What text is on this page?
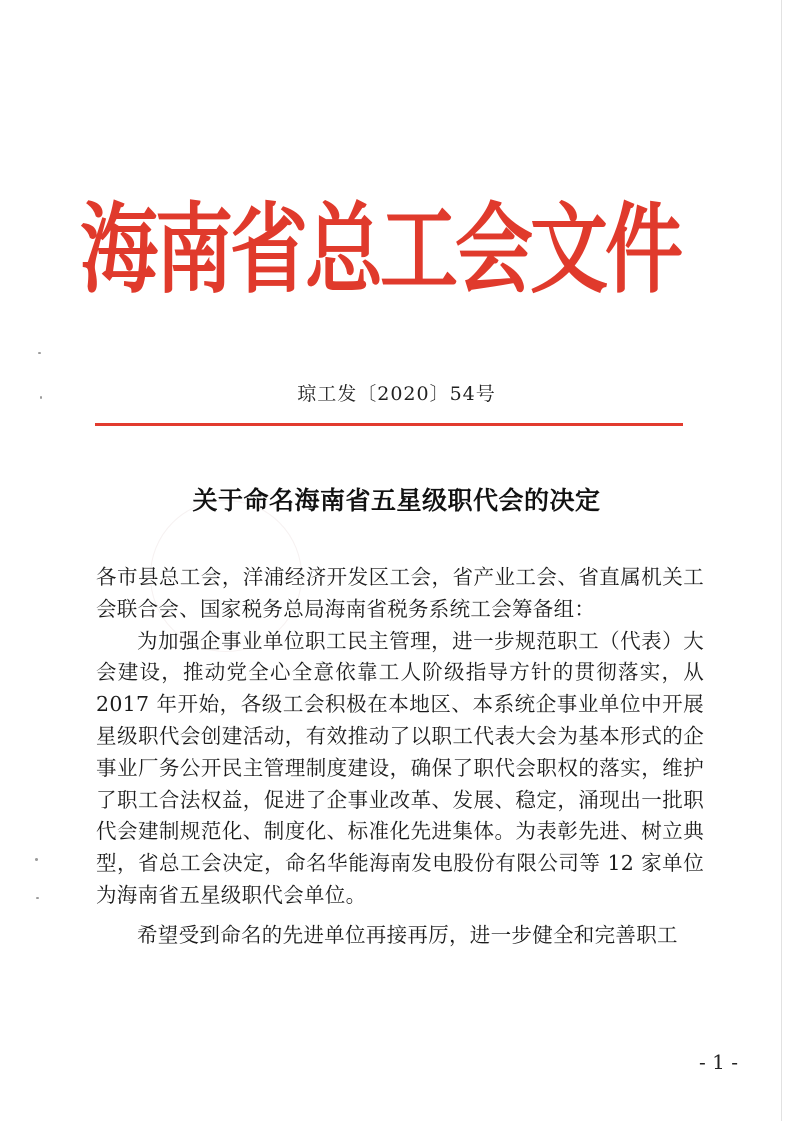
海南省总工会文件
琼工发〔2020〕54号
关于命名海南省五星级职代会的决定

各市县总工会，洋浦经济开发区工会，省产业工会、省直属机关工会联合会、国家税务总局海南省税务系统工会筹备组：

为加强企事业单位职工民主管理，进一步规范职工（代表）大会建设，推动党全心全意依靠工人阶级指导方针的贯彻落实，从 2017 年开始，各级工会积极在本地区、本系统企事业单位中开展星级职代会创建活动，有效推动了以职工代表大会为基本形式的企事业厂务公开民主管理制度建设，确保了职代会职权的落实，维护了职工合法权益，促进了企事业改革、发展、稳定，涌现出一批职代会建制规范化、制度化、标准化先进集体。为表彰先进、树立典型，省总工会决定，命名华能海南发电股份有限公司等 12 家单位为海南省五星级职代会单位。

希望受到命名的先进单位再接再厉，进一步健全和完善职工

- 1 -
